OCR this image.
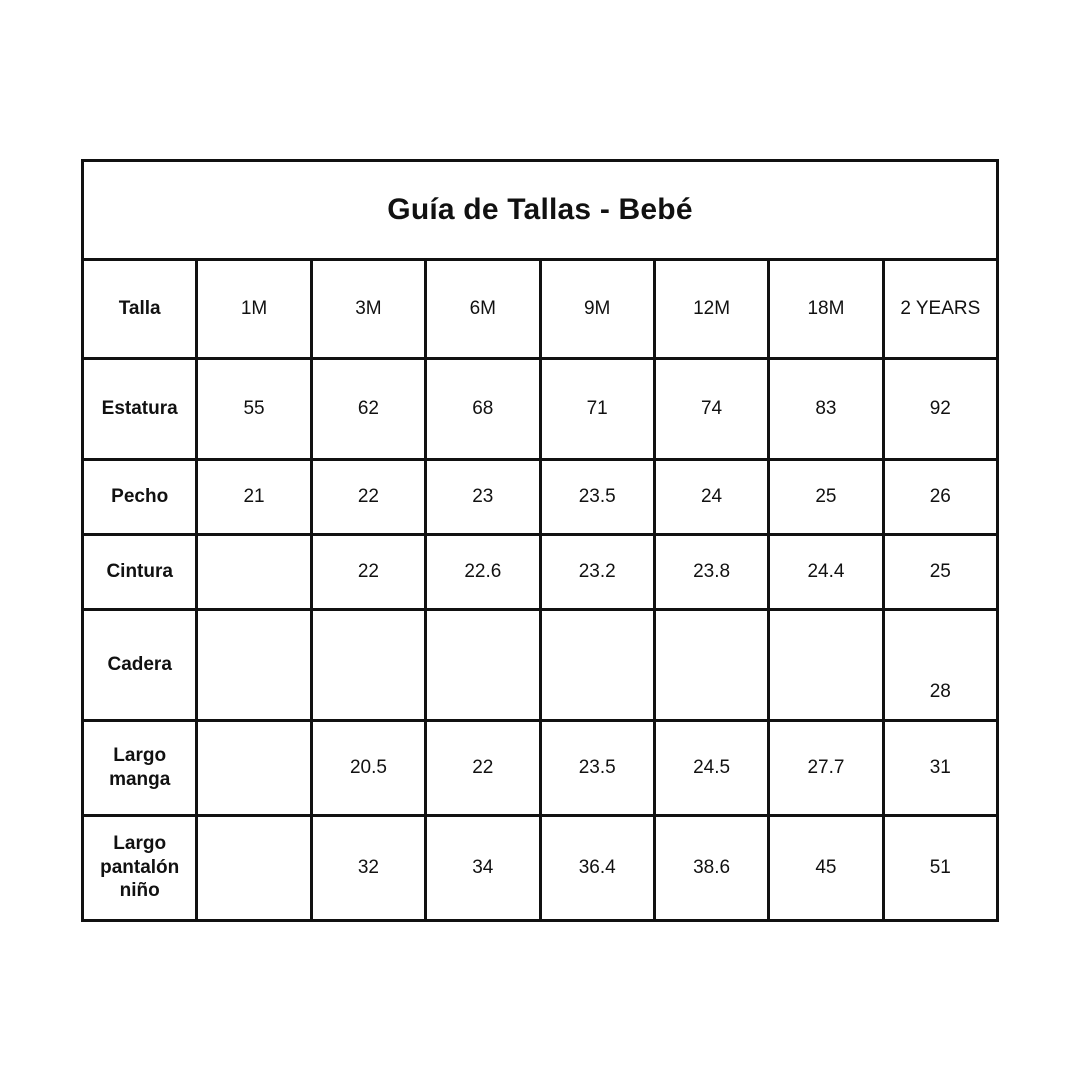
Guía de Tallas - Bebé							
Talla	1M	3M	6M	9M	12M	18M	2 YEARS
Estatura	55	62	68	71	74	83	92
Pecho	21	22	23	23.5	24	25	26
Cintura		22	22.6	23.2	23.8	24.4	25
Cadera							28
Largo manga		20.5	22	23.5	24.5	27.7	31
Largo pantalón niño		32	34	36.4	38.6	45	51
